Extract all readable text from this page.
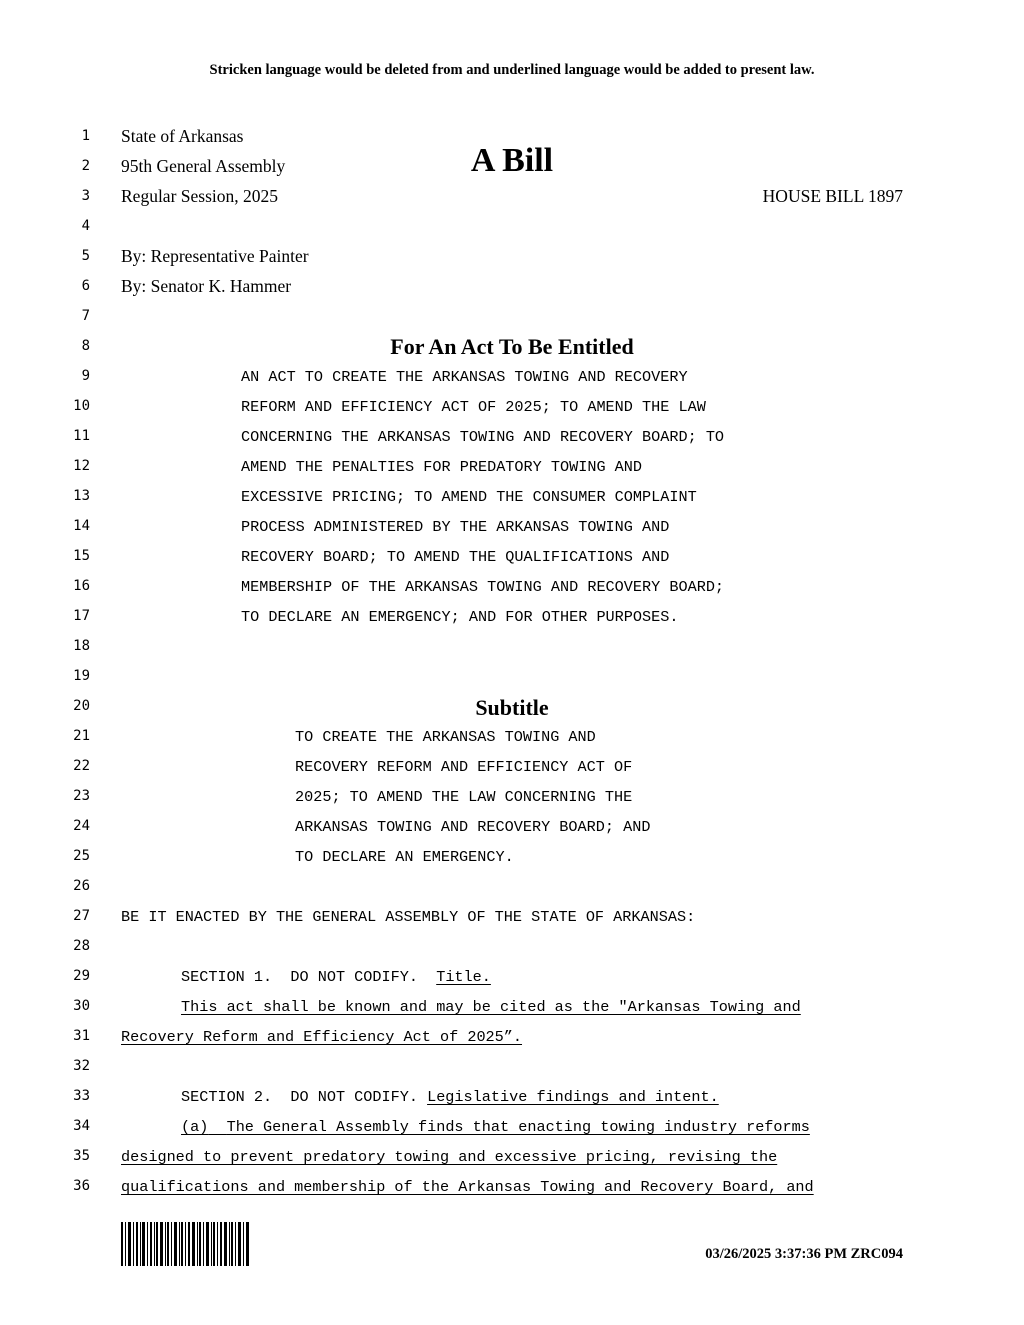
Stricken language would be deleted from and underlined language would be added to present law.
1
2
3
4
5
6
7
8
9
10
11
12
13
14
15
16
17
18
19
20
21
22
23
24
25
26
27
28
29
30
31
32
33
34
35
36
State of Arkansas
95th General Assembly	A Bill
Regular Session, 2025	HOUSE BILL 1897
By: Representative Painter
By: Senator K. Hammer
For An Act To Be Entitled
AN ACT TO CREATE THE ARKANSAS TOWING AND RECOVERY
REFORM AND EFFICIENCY ACT OF 2025; TO AMEND THE LAW
CONCERNING THE ARKANSAS TOWING AND RECOVERY BOARD; TO
AMEND THE PENALTIES FOR PREDATORY TOWING AND
EXCESSIVE PRICING; TO AMEND THE CONSUMER COMPLAINT
PROCESS ADMINISTERED BY THE ARKANSAS TOWING AND
RECOVERY BOARD; TO AMEND THE QUALIFICATIONS AND
MEMBERSHIP OF THE ARKANSAS TOWING AND RECOVERY BOARD;
TO DECLARE AN EMERGENCY; AND FOR OTHER PURPOSES.
Subtitle
TO CREATE THE ARKANSAS TOWING AND
RECOVERY REFORM AND EFFICIENCY ACT OF
2025; TO AMEND THE LAW CONCERNING THE
ARKANSAS TOWING AND RECOVERY BOARD; AND
TO DECLARE AN EMERGENCY.
BE IT ENACTED BY THE GENERAL ASSEMBLY OF THE STATE OF ARKANSAS:
SECTION 1.  DO NOT CODIFY.  Title.
This act shall be known and may be cited as the "Arkansas Towing and
Recovery Reform and Efficiency Act of 2025”.
SECTION 2.  DO NOT CODIFY. Legislative findings and intent.
(a) The General Assembly finds that enacting towing industry reforms
designed to prevent predatory towing and excessive pricing, revising the
qualifications and membership of the Arkansas Towing and Recovery Board, and
03/26/2025 3:37:36 PM ZRC094
